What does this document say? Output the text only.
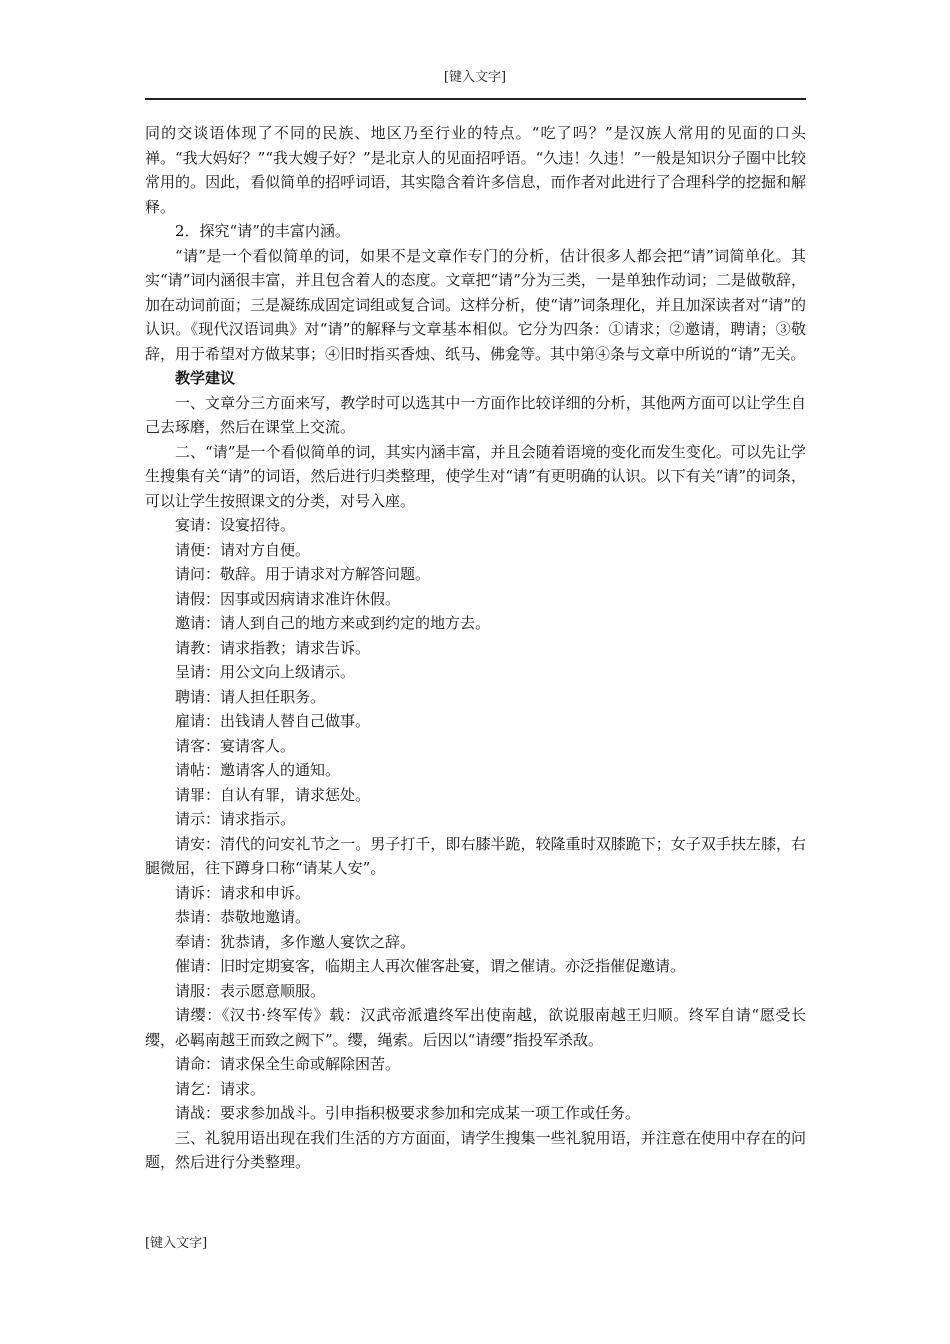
[键入文字]

同的交谈语体现了不同的民族、地区乃至行业的特点。“吃了吗？”是汉族人常用的见面的口头禅。“我大妈好？”“我大嫂子好？”是北京人的见面招呼语。“久违！久违！”一般是知识分子圈中比较常用的。因此，看似简单的招呼词语，其实隐含着许多信息，而作者对此进行了合理科学的挖掘和解释。

2．探究“请”的丰富内涵。

“请”是一个看似简单的词，如果不是文章作专门的分析，估计很多人都会把“请”词简单化。其实“请”词内涵很丰富，并且包含着人的态度。文章把“请”分为三类，一是单独作动词；二是做敬辞，加在动词前面；三是凝练成固定词组或复合词。这样分析，使“请”词条理化，并且加深读者对“请”的认识。《现代汉语词典》对“请”的解释与文章基本相似。它分为四条：①请求；②邀请，聘请；③敬辞，用于希望对方做某事；④旧时指买香烛、纸马、佛龛等。其中第④条与文章中所说的“请”无关。

教学建议

一、文章分三方面来写，教学时可以选其中一方面作比较详细的分析，其他两方面可以让学生自己去琢磨，然后在课堂上交流。

二、“请”是一个看似简单的词，其实内涵丰富，并且会随着语境的变化而发生变化。可以先让学生搜集有关“请”的词语，然后进行归类整理，使学生对“请”有更明确的认识。以下有关“请”的词条，可以让学生按照课文的分类，对号入座。

宴请：设宴招待。

请便：请对方自便。

请问：敬辞。用于请求对方解答问题。

请假：因事或因病请求准许休假。

邀请：请人到自己的地方来或到约定的地方去。

请教：请求指教；请求告诉。

呈请：用公文向上级请示。

聘请：请人担任职务。

雇请：出钱请人替自己做事。

请客：宴请客人。

请帖：邀请客人的通知。

请罪：自认有罪，请求惩处。

请示：请求指示。

请安：清代的问安礼节之一。男子打千，即右膝半跪，较隆重时双膝跪下；女子双手扶左膝，右腿微屈，往下蹲身口称“请某人安”。

请诉：请求和申诉。

恭请：恭敬地邀请。

奉请：犹恭请，多作邀人宴饮之辞。

催请：旧时定期宴客，临期主人再次催客赴宴，谓之催请。亦泛指催促邀请。

请服：表示愿意顺服。

请缨：《汉书·终军传》载：汉武帝派遣终军出使南越，欲说服南越王归顺。终军自请“愿受长缨，必羁南越王而致之阙下”。缨，绳索。后因以“请缨”指投军杀敌。

请命：请求保全生命或解除困苦。

请乞：请求。

请战：要求参加战斗。引申指积极要求参加和完成某一项工作或任务。

三、礼貌用语出现在我们生活的方方面面，请学生搜集一些礼貌用语，并注意在使用中存在的问题，然后进行分类整理。

[键入文字]
